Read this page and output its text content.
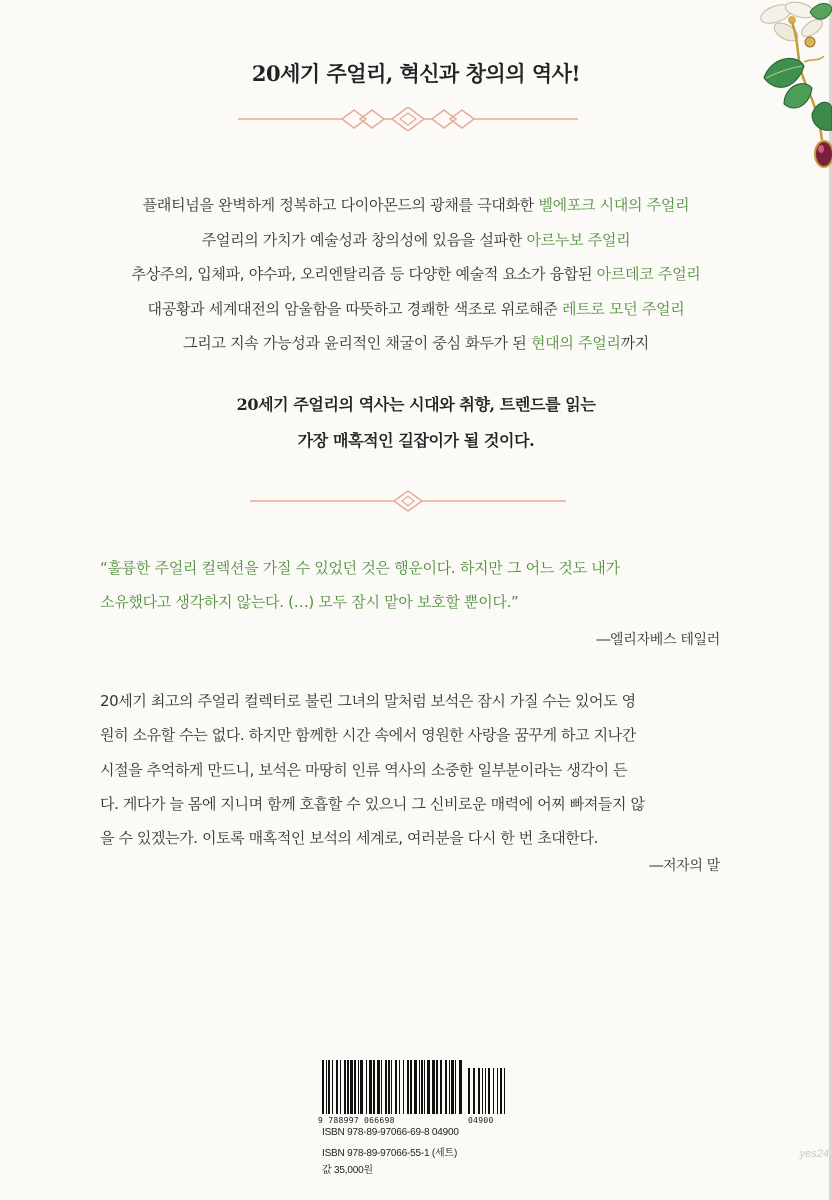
20세기 주얼리, 혁신과 창의의 역사!
플래티넘을 완벽하게 정복하고 다이아몬드의 광채를 극대화한 벨에포크 시대의 주얼리
주얼리의 가치가 예술성과 창의성에 있음을 설파한 아르누보 주얼리
추상주의, 입체파, 야수파, 오리엔탈리즘 등 다양한 예술적 요소가 융합된 아르데코 주얼리
대공황과 세계대전의 암울함을 따뜻하고 경쾌한 색조로 위로해준 레트로 모던 주얼리
그리고 지속 가능성과 윤리적인 채굴이 중심 화두가 된 현대의 주얼리까지
20세기 주얼리의 역사는 시대와 취향, 트렌드를 읽는
가장 매혹적인 길잡이가 될 것이다.
“훌륭한 주얼리 컬렉션을 가질 수 있었던 것은 행운이다. 하지만 그 어느 것도 내가
소유했다고 생각하지 않는다. (…) 모두 잠시 맡아 보호할 뿐이다.”
―엘리자베스 테일러
20세기 최고의 주얼리 컬렉터로 불린 그녀의 말처럼 보석은 잠시 가질 수는 있어도 영
원히 소유할 수는 없다. 하지만 함께한 시간 속에서 영원한 사랑을 꿈꾸게 하고 지나간
시절을 추억하게 만드니, 보석은 마땅히 인류 역사의 소중한 일부분이라는 생각이 든
다. 게다가 늘 몸에 지니며 함께 호흡할 수 있으니 그 신비로운 매력에 어찌 빠져들지 않
을 수 있겠는가. 이토록 매혹적인 보석의 세계로, 여러분을 다시 한 번 초대한다.
―저자의 말
9 788997 066698	04900
ISBN 978-89-97066-69-8 04900
ISBN 978-89-97066-55-1 (세트)
값 35,000원
yes24
